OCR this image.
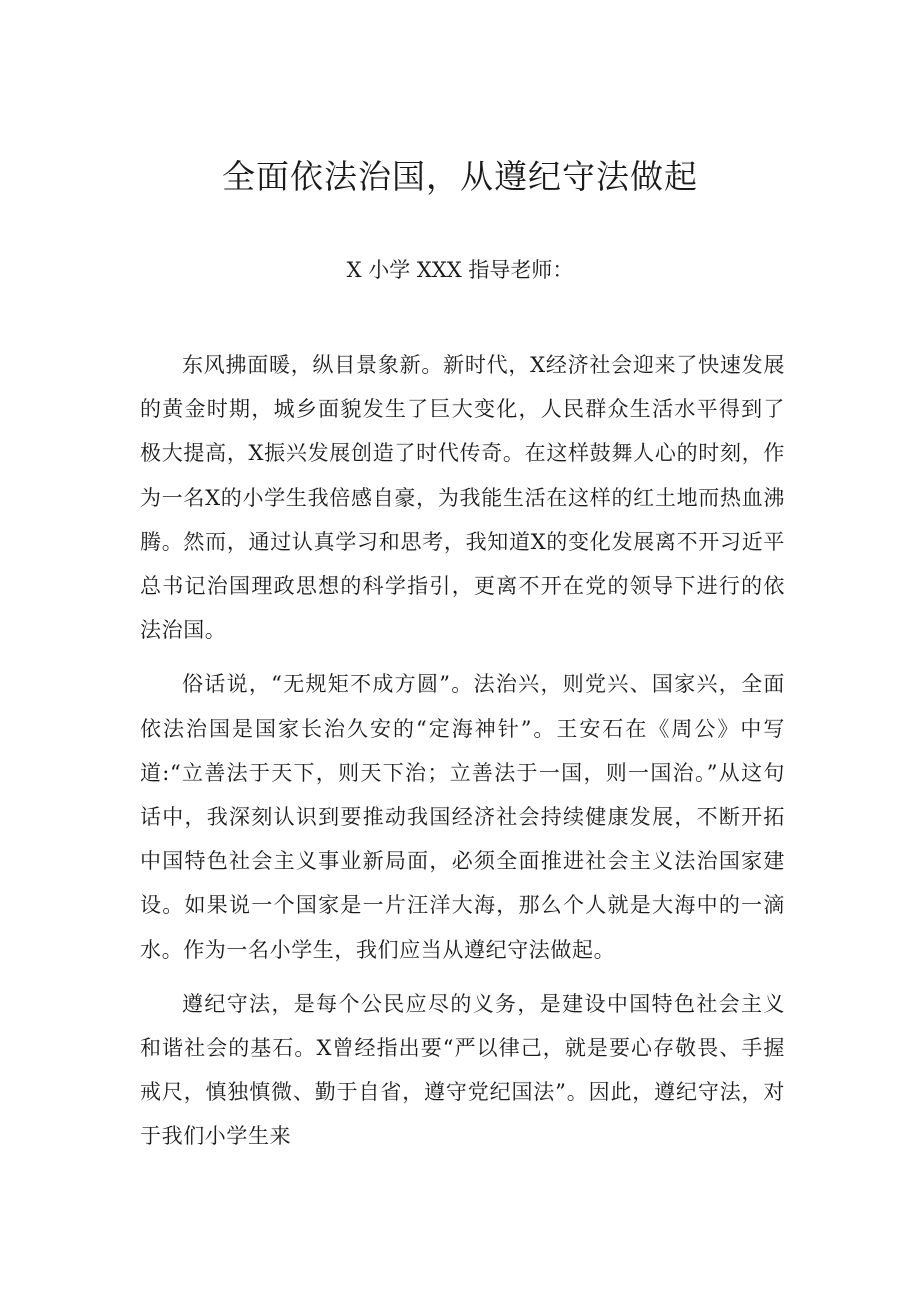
全面依法治国，从遵纪守法做起

X 小学 XXX 指导老师：

东风拂面暖，纵目景象新。新时代，X经济社会迎来了快速发展的黄金时期，城乡面貌发生了巨大变化，人民群众生活水平得到了极大提高，X振兴发展创造了时代传奇。在这样鼓舞人心的时刻，作为一名X的小学生我倍感自豪，为我能生活在这样的红土地而热血沸腾。然而，通过认真学习和思考，我知道X的变化发展离不开习近平总书记治国理政思想的科学指引，更离不开在党的领导下进行的依法治国。

俗话说，“无规矩不成方圆”。法治兴，则党兴、国家兴，全面依法治国是国家长治久安的“定海神针”。王安石在《周公》中写道:“立善法于天下，则天下治；立善法于一国，则一国治。”从这句话中，我深刻认识到要推动我国经济社会持续健康发展，不断开拓中国特色社会主义事业新局面，必须全面推进社会主义法治国家建设。如果说一个国家是一片汪洋大海，那么个人就是大海中的一滴水。作为一名小学生，我们应当从遵纪守法做起。

遵纪守法，是每个公民应尽的义务，是建设中国特色社会主义和谐社会的基石。X曾经指出要“严以律己，就是要心存敬畏、手握戒尺，慎独慎微、勤于自省，遵守党纪国法”。因此，遵纪守法，对于我们小学生来
